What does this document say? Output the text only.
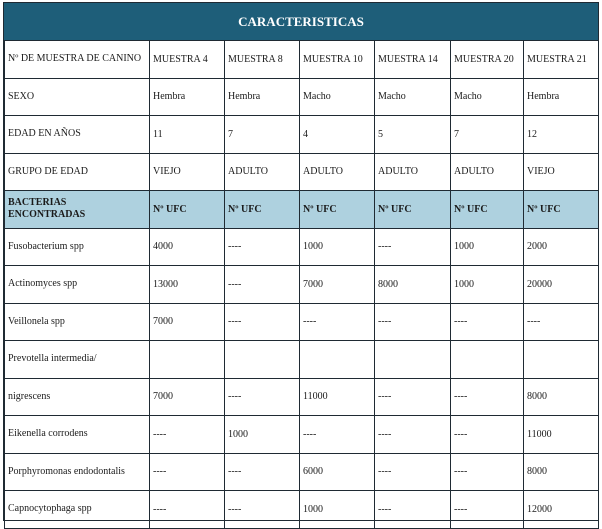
CARACTERISTICAS
Nº DE MUESTRA DE CANINO	MUESTRA 4	MUESTRA 8	MUESTRA 10	MUESTRA 14	MUESTRA 20	MUESTRA 21
SEXO	Hembra	Hembra	Macho	Macho	Macho	Hembra
EDAD EN AÑOS	11	7	4	5	7	12
GRUPO DE EDAD	VIEJO	ADULTO	ADULTO	ADULTO	ADULTO	VIEJO
BACTERIAS ENCONTRADAS	Nº UFC	Nº UFC	Nº UFC	Nº UFC	Nº UFC	Nº UFC
Fusobacterium spp	4000	----	1000	----	1000	2000
Actinomyces spp	13000	----	7000	8000	1000	20000
Veillonela spp	7000	----	----	----	----	----
Prevotella intermedia/						
nigrescens	7000	----	11000	----	----	8000
Eikenella corrodens	----	1000	----	----	----	11000
Porphyromonas endodontalis	----	----	6000	----	----	8000
Capnocytophaga spp	----	----	1000	----	----	12000
